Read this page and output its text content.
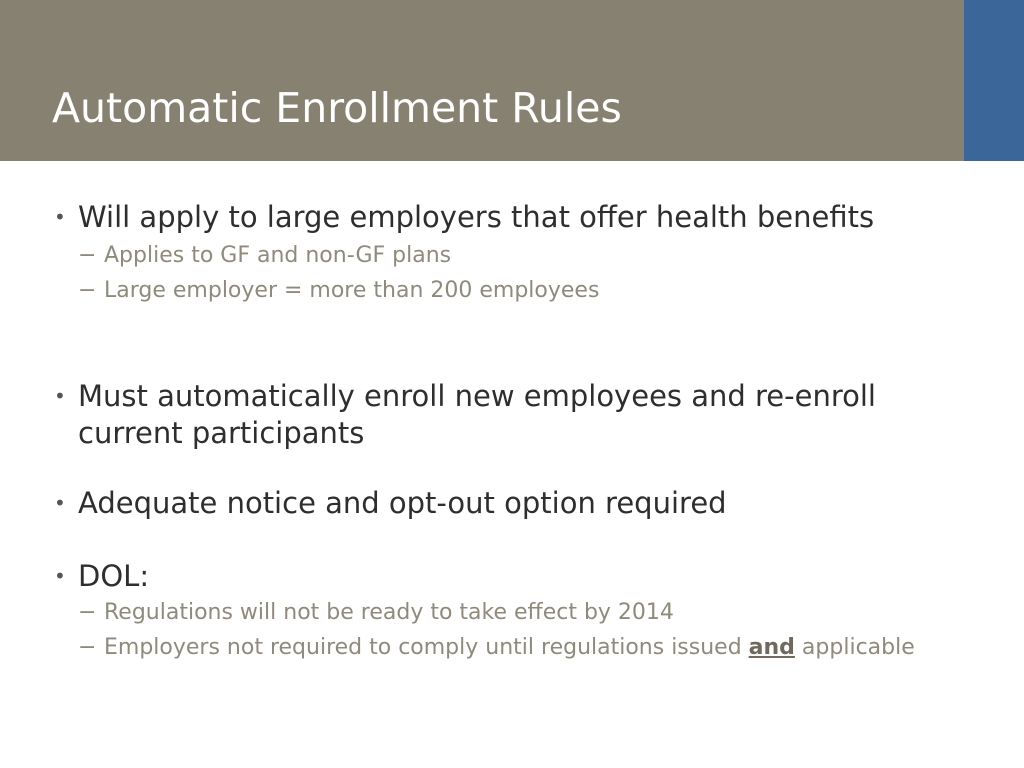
Automatic Enrollment Rules
• Will apply to large employers that offer health benefits
− Applies to GF and non-GF plans
− Large employer = more than 200 employees
• Must automatically enroll new employees and re-enroll current participants
• Adequate notice and opt-out option required
• DOL:
− Regulations will not be ready to take effect by 2014
− Employers not required to comply until regulations issued and applicable
